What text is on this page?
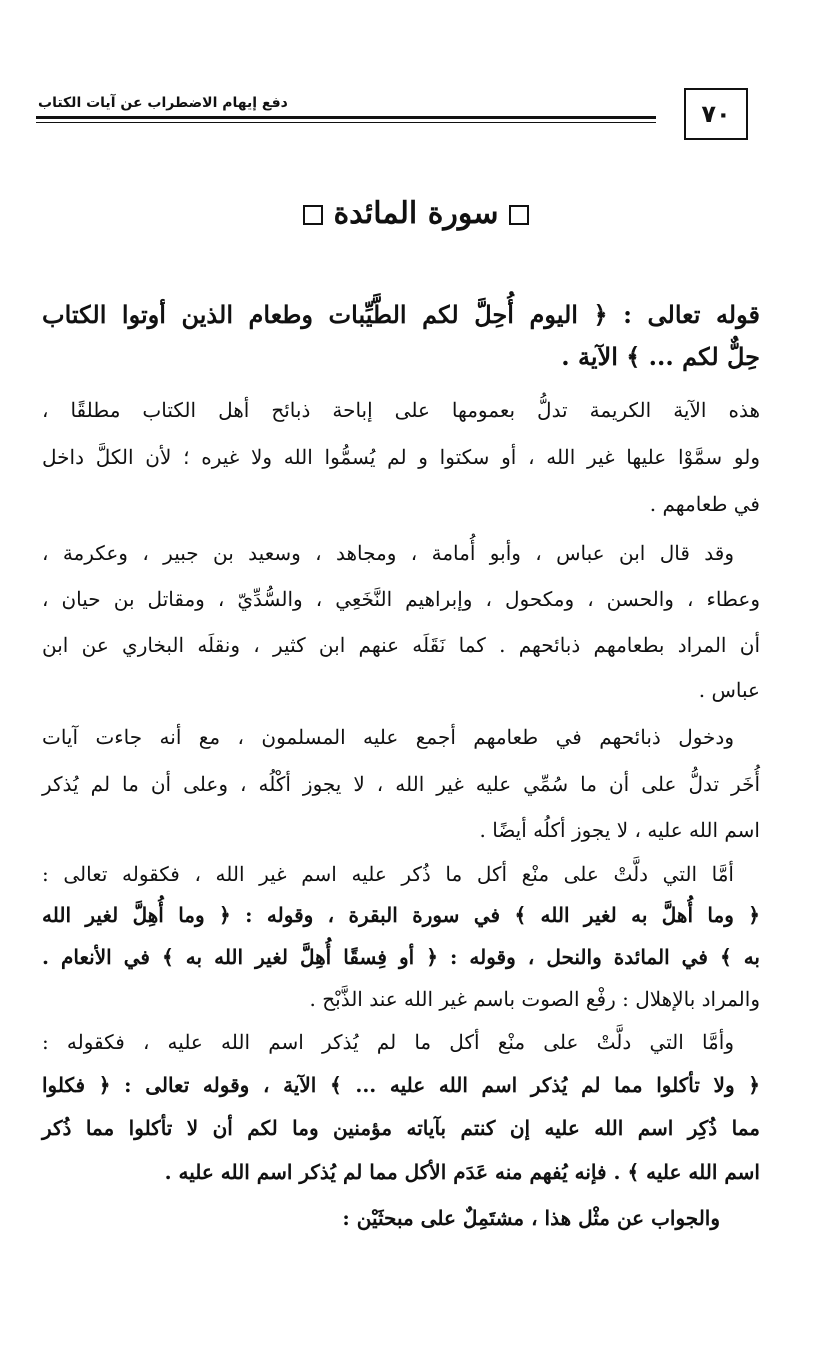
دفع إيهام الاضطراب عن آيات الكتاب	٧٠
سورة المائدة
قوله تعالى : ﴿ اليوم أُحِلَّ لكم الطَّيِّبات وطعام الذين أوتوا الكتاب
حِلٌّ لكم ... ﴾ الآية .
هذه الآية الكريمة تدلُّ بعمومها على إباحة ذبائح أهل الكتاب مطلقًا ،
ولو سمَّوْا عليها غير الله ، أو سكتوا و لم يُسمُّوا الله ولا غيره ؛ لأن الكلَّ داخل
في طعامهم .
وقد قال ابن عباس ، وأبو أُمامة ، ومجاهد ، وسعيد بن جبير ، وعكرمة ،
وعطاء ، والحسن ، ومكحول ، وإبراهيم النَّخَعِي ، والسُّدِّيّ ، ومقاتل بن حيان ،
أن المراد بطعامهم ذبائحهم . كما نَقَلَه عنهم ابن كثير ، ونقلَه البخاري عن ابن
عباس .
ودخول ذبائحهم في طعامهم أجمع عليه المسلمون ، مع أنه جاءت آيات
أُخَر تدلُّ على أن ما سُمِّي عليه غير الله ، لا يجوز أكْلُه ، وعلى أن ما لم يُذكر
اسم الله عليه ، لا يجوز أكلُه أيضًا .
أمَّا التي دلَّتْ على منْع أكل ما ذُكر عليه اسم غير الله ، فكقوله تعالى :
﴿ وما أُهلَّ به لغير الله ﴾ في سورة البقرة ، وقوله : ﴿ وما أُهِلَّ لغير الله
به ﴾ في المائدة والنحل ، وقوله : ﴿ أو فِسقًا أُهِلَّ لغير الله به ﴾ في الأنعام .
والمراد بالإهلال : رفْع الصوت باسم غير الله عند الذَّبْح .
وأمَّا التي دلَّتْ على منْع أكل ما لم يُذكر اسم الله عليه ، فكقوله :
﴿ ولا تأكلوا مما لم يُذكر اسم الله عليه ... ﴾ الآية ، وقوله تعالى : ﴿ فكلوا
مما ذُكِر اسم الله عليه إن كنتم بآياته مؤمنين وما لكم أن لا تأكلوا مما ذُكر
اسم الله عليه ﴾ . فإنه يُفهم منه عَدَم الأكل مما لم يُذكر اسم الله عليه .
والجواب عن مثْل هذا ، مشتَمِلٌ على مبحثَيْن :
